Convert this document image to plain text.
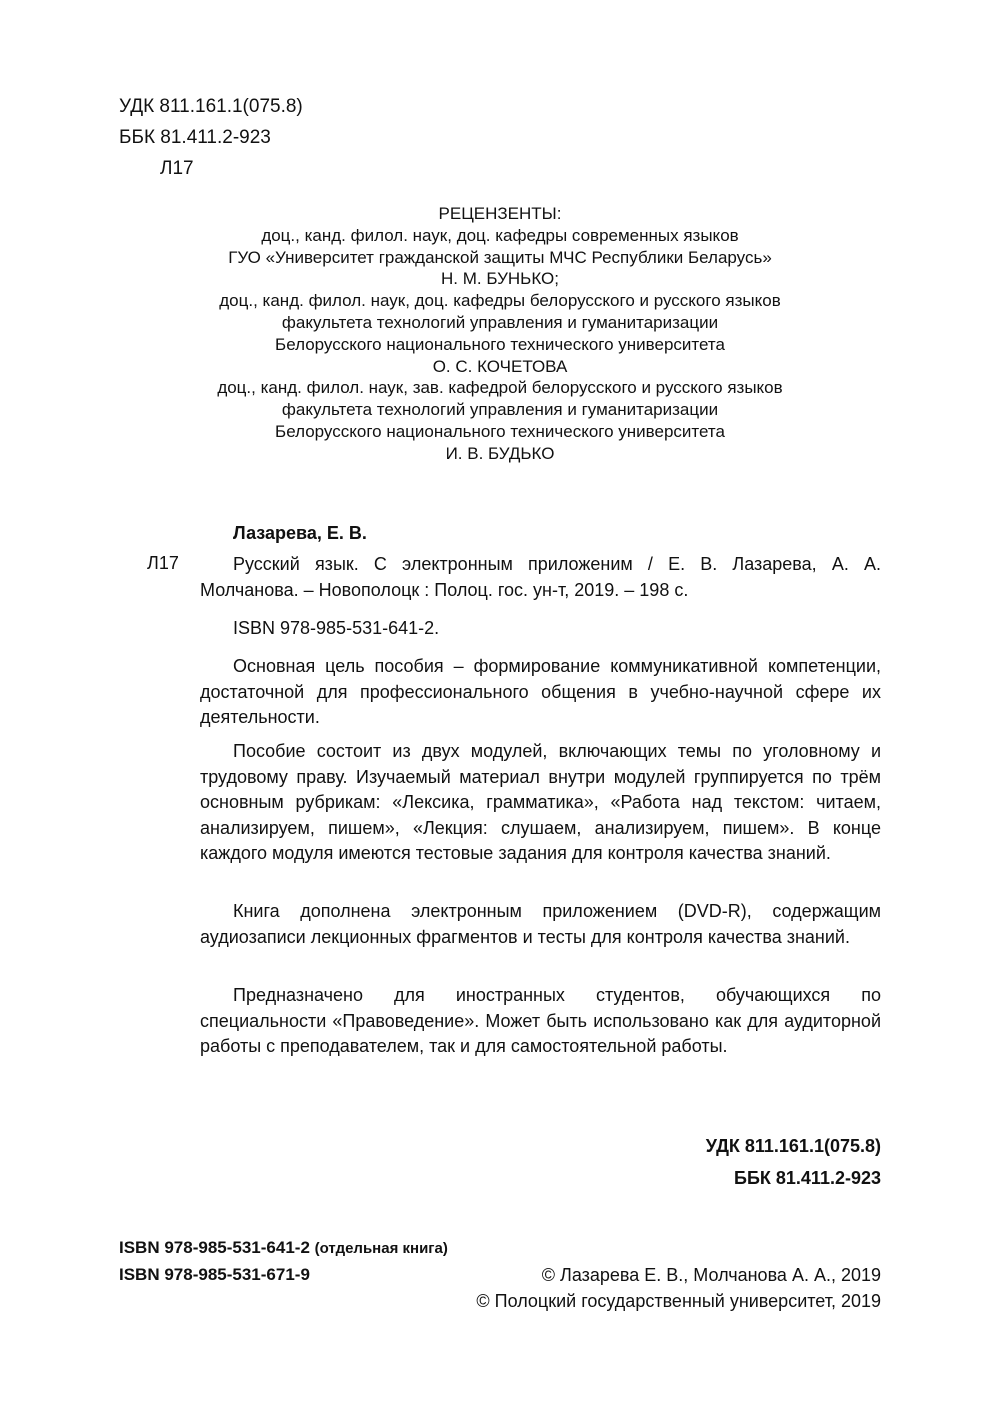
УДК 811.161.1(075.8)
ББК 81.411.2-923
Л17
РЕЦЕНЗЕНТЫ:
доц., канд. филол. наук, доц. кафедры современных языков
ГУО «Университет гражданской защиты МЧС Республики Беларусь»
Н. М. БУНЬКО;
доц., канд. филол. наук, доц. кафедры белорусского и русского языков
факультета технологий управления и гуманитаризации
Белорусского национального технического университета
О. С. КОЧЕТОВА
доц., канд. филол. наук, зав. кафедрой белорусского и русского языков
факультета технологий управления и гуманитаризации
Белорусского национального технического университета
И. В. БУДЬКО
Лазарева, Е. В.
Л17	Русский язык. С электронным приложеним / Е. В. Лазарева, А. А. Молчанова. – Новополоцк : Полоц. гос. ун-т, 2019. – 198 с.
ISBN 978-985-531-641-2.
Основная цель пособия – формирование коммуникативной компетенции, достаточной для профессионального общения в учебно-научной сфере их деятельности.
Пособие состоит из двух модулей, включающих темы по уголовному и трудовому праву. Изучаемый материал внутри модулей группируется по трём основным рубрикам: «Лексика, грамматика», «Работа над текстом: читаем, анализируем, пишем», «Лекция: слушаем, анализируем, пишем». В конце каждого модуля имеются тестовые задания для контроля качества знаний.
Книга дополнена электронным приложением (DVD-R), содержащим аудиозаписи лекционных фрагментов и тесты для контроля качества знаний.
Предназначено для иностранных студентов, обучающихся по специальности «Правоведение». Может быть использовано как для аудиторной работы с преподавателем, так и для самостоятельной работы.
УДК 811.161.1(075.8)
ББК 81.411.2-923
ISBN 978-985-531-641-2 (отдельная книга)
ISBN 978-985-531-671-9	© Лазарева Е. В., Молчанова А. А., 2019
© Полоцкий государственный университет, 2019
